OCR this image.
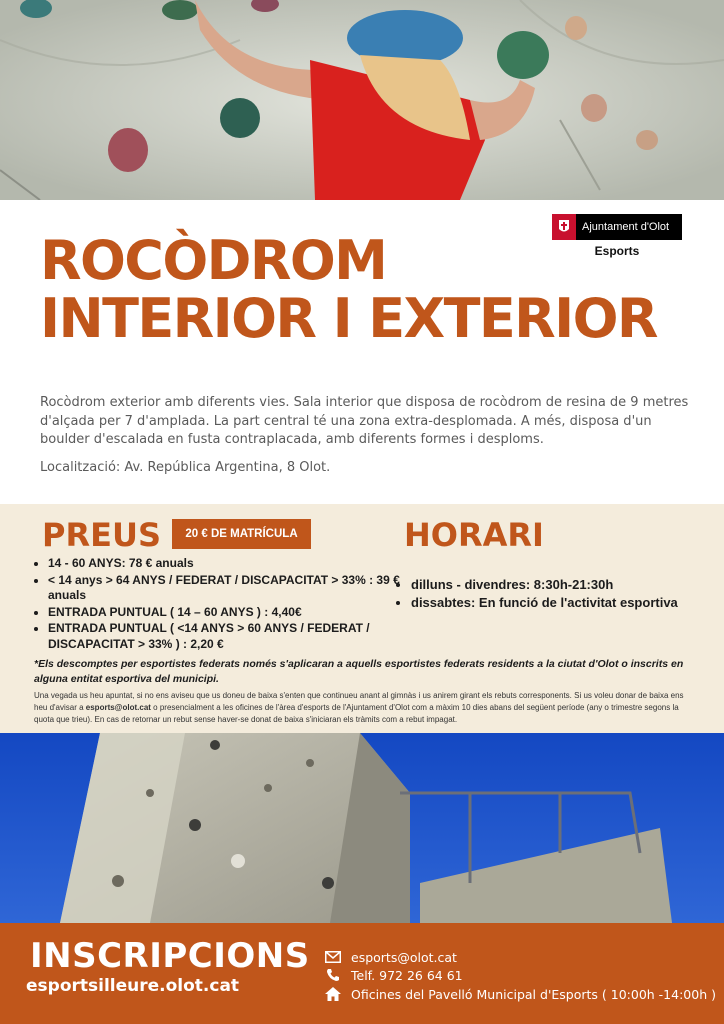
Ajuntament d'Olot
Esports
ROCÒDROM
INTERIOR I EXTERIOR
Rocòdrom exterior amb diferents vies. Sala interior que disposa de rocòdrom de resina de 9 metres d'alçada per 7 d'amplada. La part central té una zona extra-desplomada. A més, disposa d'un boulder d'escalada en fusta contraplacada, amb diferents formes i desploms.
Localització: Av. República Argentina, 8 Olot.
PREUS	20 € DE MATRÍCULA	HORARI
• 14 - 60 ANYS: 78 € anuals
• < 14 anys > 64 ANYS / FEDERAT / DISCAPACITAT > 33% : 39 € anuals
• ENTRADA PUNTUAL ( 14 – 60 ANYS ) : 4,40€
• ENTRADA PUNTUAL ( <14 ANYS > 60 ANYS / FEDERAT / DISCAPACITAT > 33% ) : 2,20 €
• dilluns - divendres: 8:30h-21:30h
• dissabtes: En funció de l'activitat esportiva
*Els descomptes per esportistes federats només s'aplicaran a aquells esportistes federats residents a la ciutat d'Olot o inscrits en alguna entitat esportiva del municipi.
Una vegada us heu apuntat, si no ens aviseu que us doneu de baixa s'enten que continueu anant al gimnàs i us anirem girant els rebuts corresponents. Si us voleu donar de baixa ens heu d'avisar a esports@olot.cat o presencialment a les oficines de l'àrea d'esports de l'Ajuntament d'Olot com a màxim 10 dies abans del següent període (any o trimestre segons la quota que trieu). En cas de retornar un rebut sense haver-se donat de baixa s'iniciaran els tràmits com a rebut impagat.
INSCRIPCIONS
esportsilleure.olot.cat
esports@olot.cat
Telf. 972 26 64 61
Oficines del Pavelló Municipal d'Esports ( 10:00h -14:00h )
